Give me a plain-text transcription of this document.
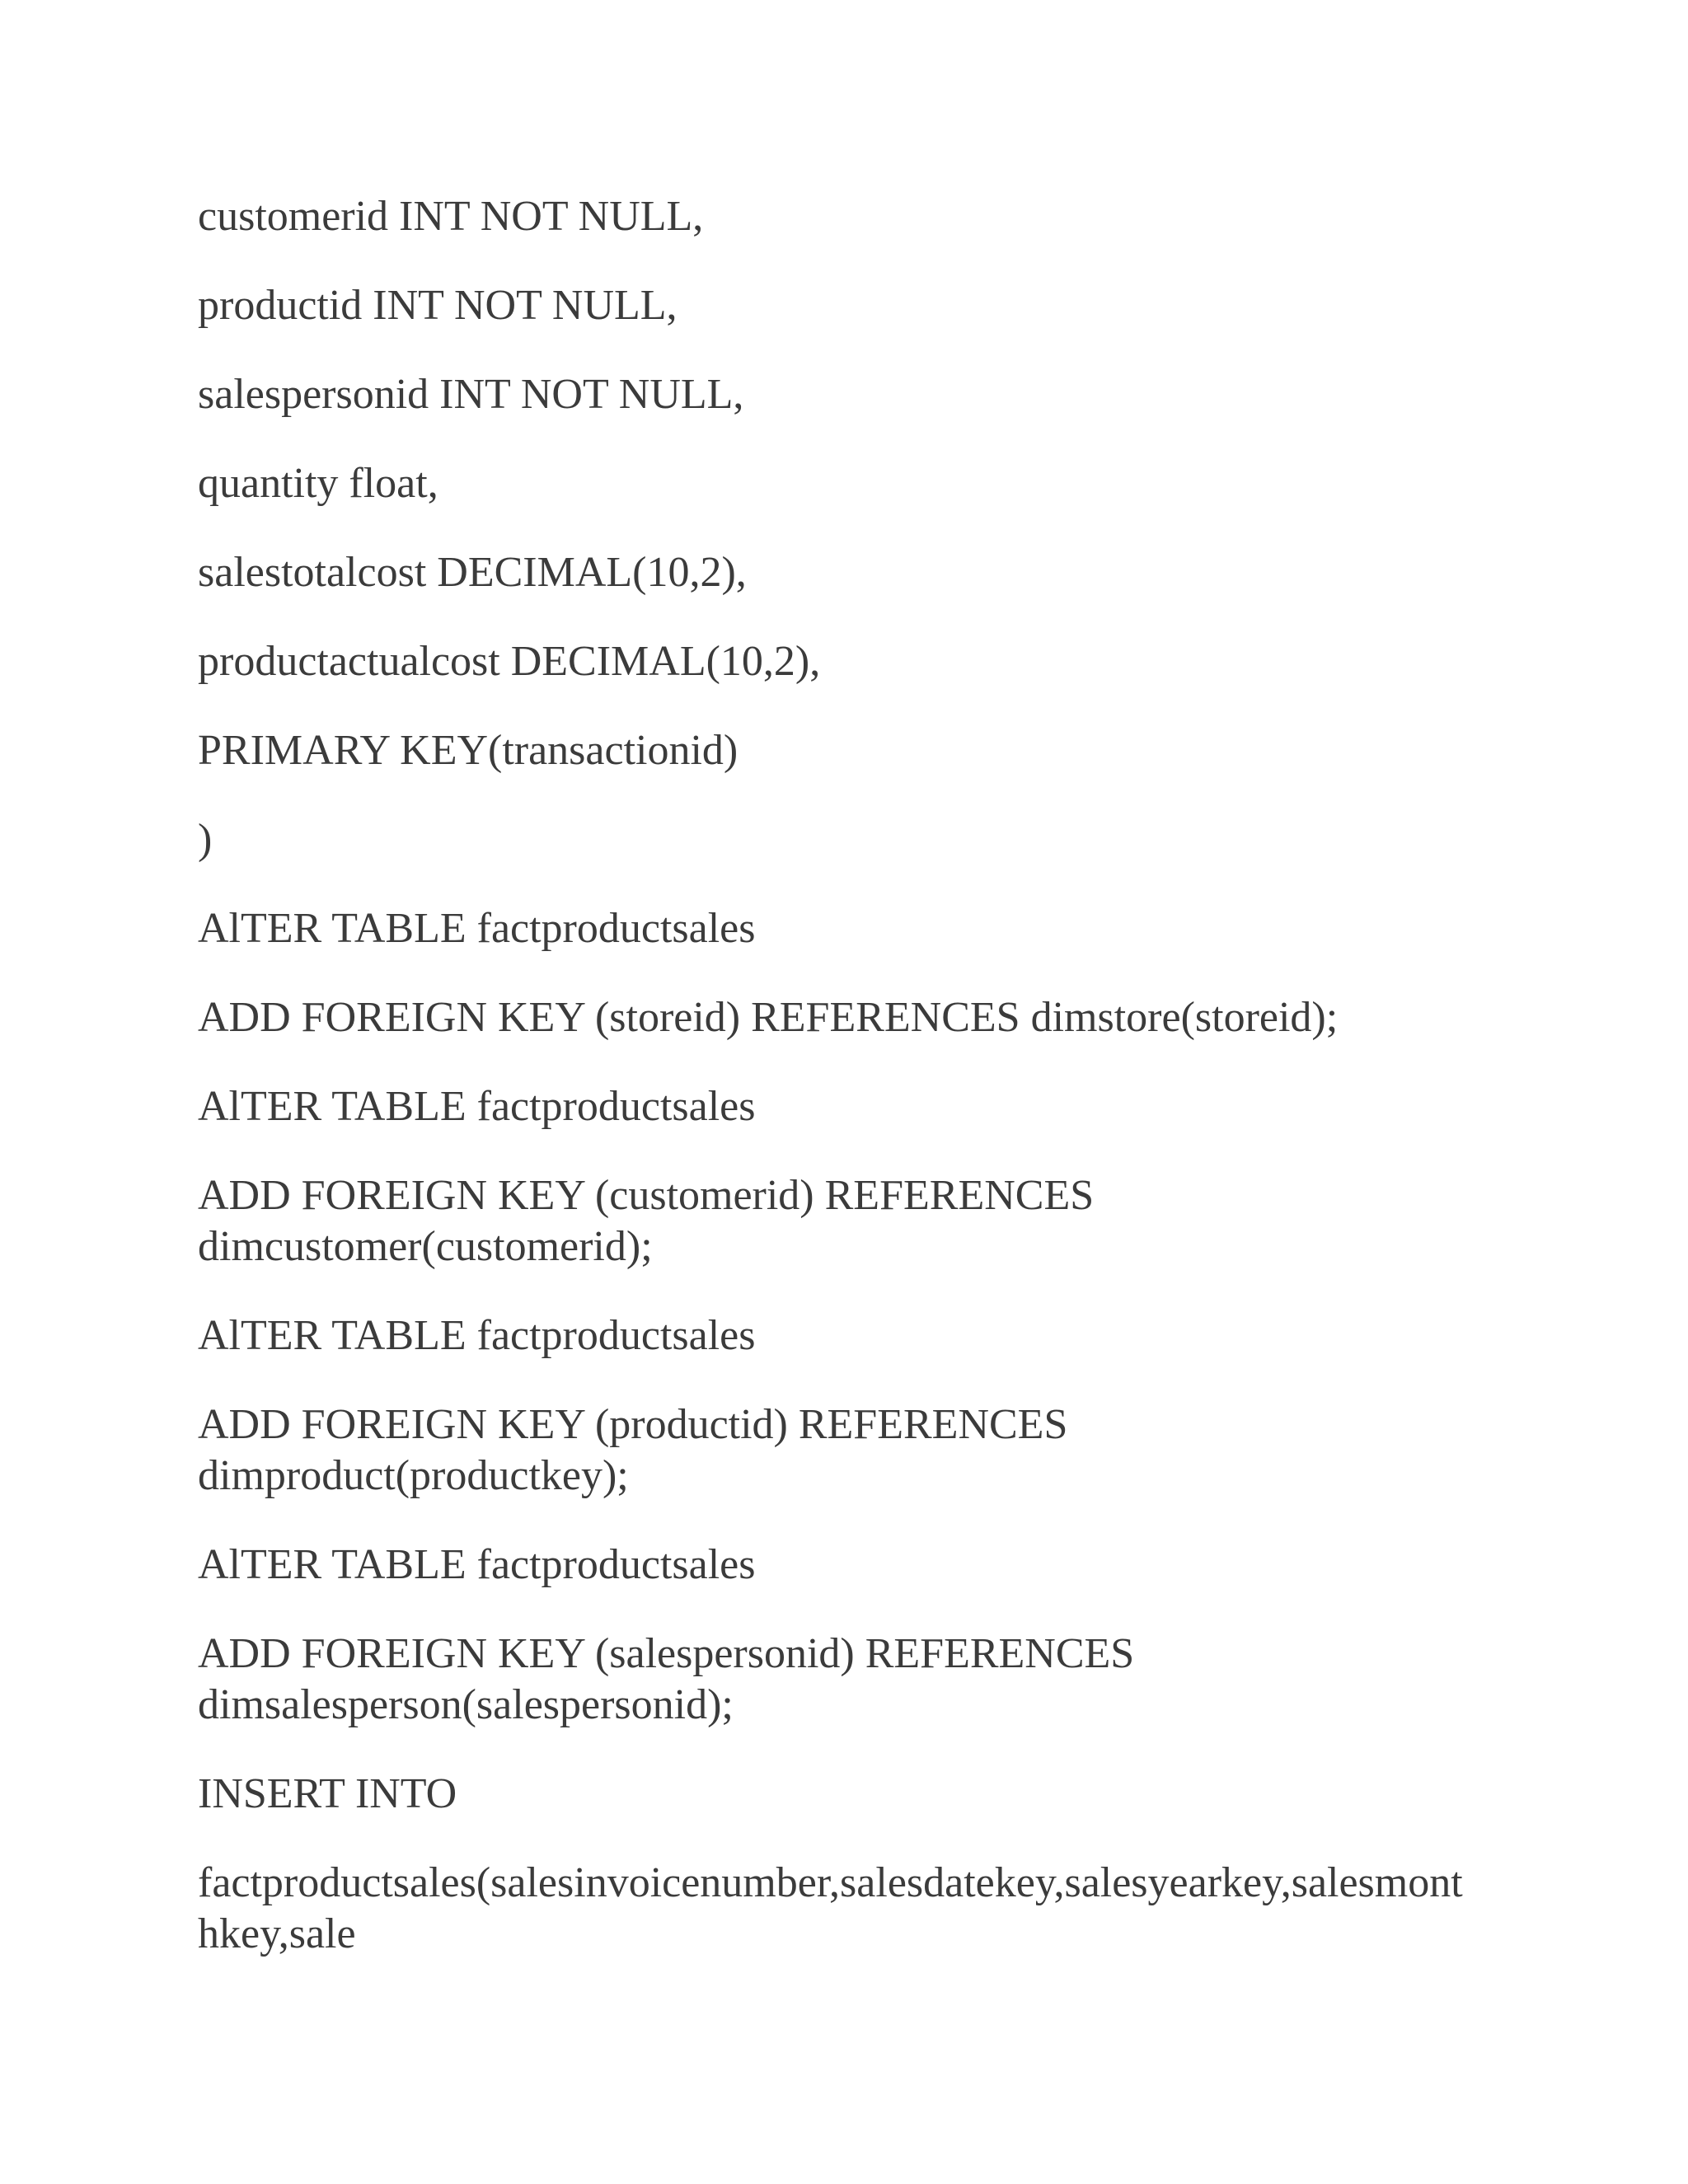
customerid INT NOT NULL,

productid INT NOT NULL,

salespersonid INT NOT NULL,

quantity float,

salestotalcost DECIMAL(10,2),

productactualcost DECIMAL(10,2),

PRIMARY KEY(transactionid)

)

AlTER TABLE factproductsales

ADD FOREIGN KEY (storeid) REFERENCES dimstore(storeid);

AlTER TABLE factproductsales

ADD FOREIGN KEY (customerid) REFERENCES dimcustomer(customerid);

AlTER TABLE factproductsales

ADD FOREIGN KEY (productid) REFERENCES dimproduct(productkey);

AlTER TABLE factproductsales

ADD FOREIGN KEY (salespersonid) REFERENCES dimsalesperson(salespersonid);

INSERT INTO

factproductsales(salesinvoicenumber,salesdatekey,salesyearkey,salesmonthkey,sale
